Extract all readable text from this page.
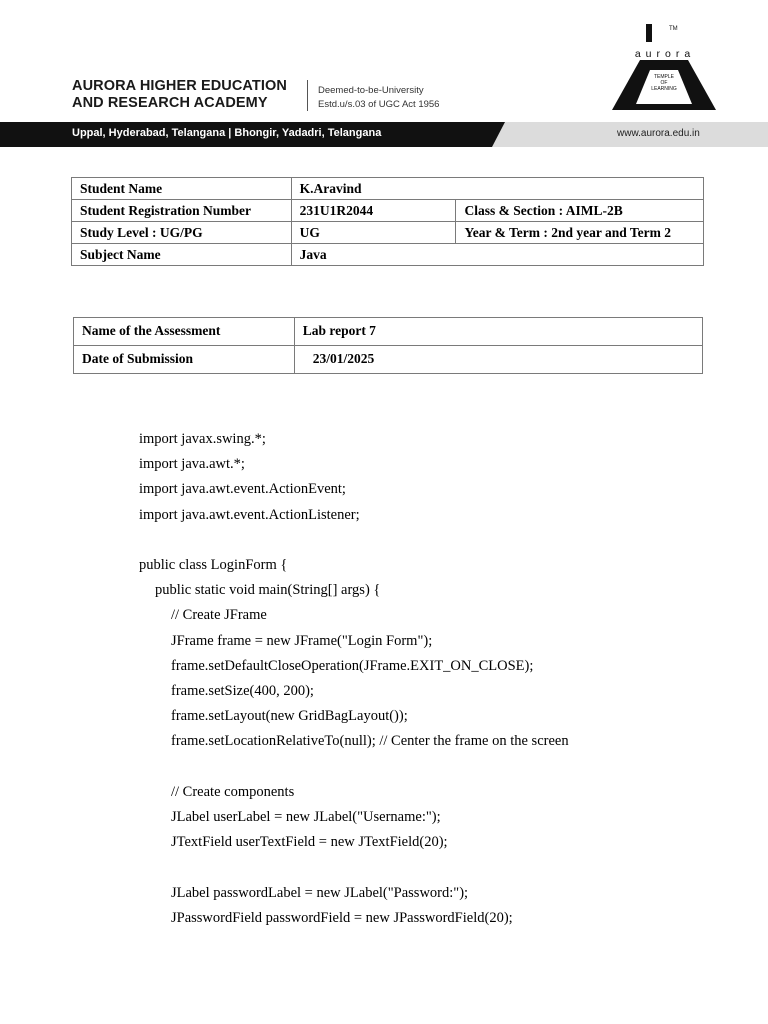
AURORA HIGHER EDUCATION
AND RESEARCH ACADEMY
Deemed-to-be-University
Estd.u/s.03 of UGC Act 1956
TM
aurora
TEMPLE
OF
LEARNING
Uppal, Hyderabad, Telangana | Bhongir, Yadadri, Telangana	www.aurora.edu.in
Student Name	K.Aravind	
Student Registration Number	231U1R2044	Class & Section : AIML-2B
Study Level : UG/PG	UG	Year & Term : 2nd year and Term 2
Subject Name	Java	
Name of the Assessment	Lab report 7
Date of Submission	23/01/2025
import javax.swing.*;
import java.awt.*;
import java.awt.event.ActionEvent;
import java.awt.event.ActionListener;
public class LoginForm {
public static void main(String[] args) {
// Create JFrame
JFrame frame = new JFrame("Login Form");
frame.setDefaultCloseOperation(JFrame.EXIT_ON_CLOSE);
frame.setSize(400, 200);
frame.setLayout(new GridBagLayout());
frame.setLocationRelativeTo(null); // Center the frame on the screen
// Create components
JLabel userLabel = new JLabel("Username:");
JTextField userTextField = new JTextField(20);
JLabel passwordLabel = new JLabel("Password:");
JPasswordField passwordField = new JPasswordField(20);
